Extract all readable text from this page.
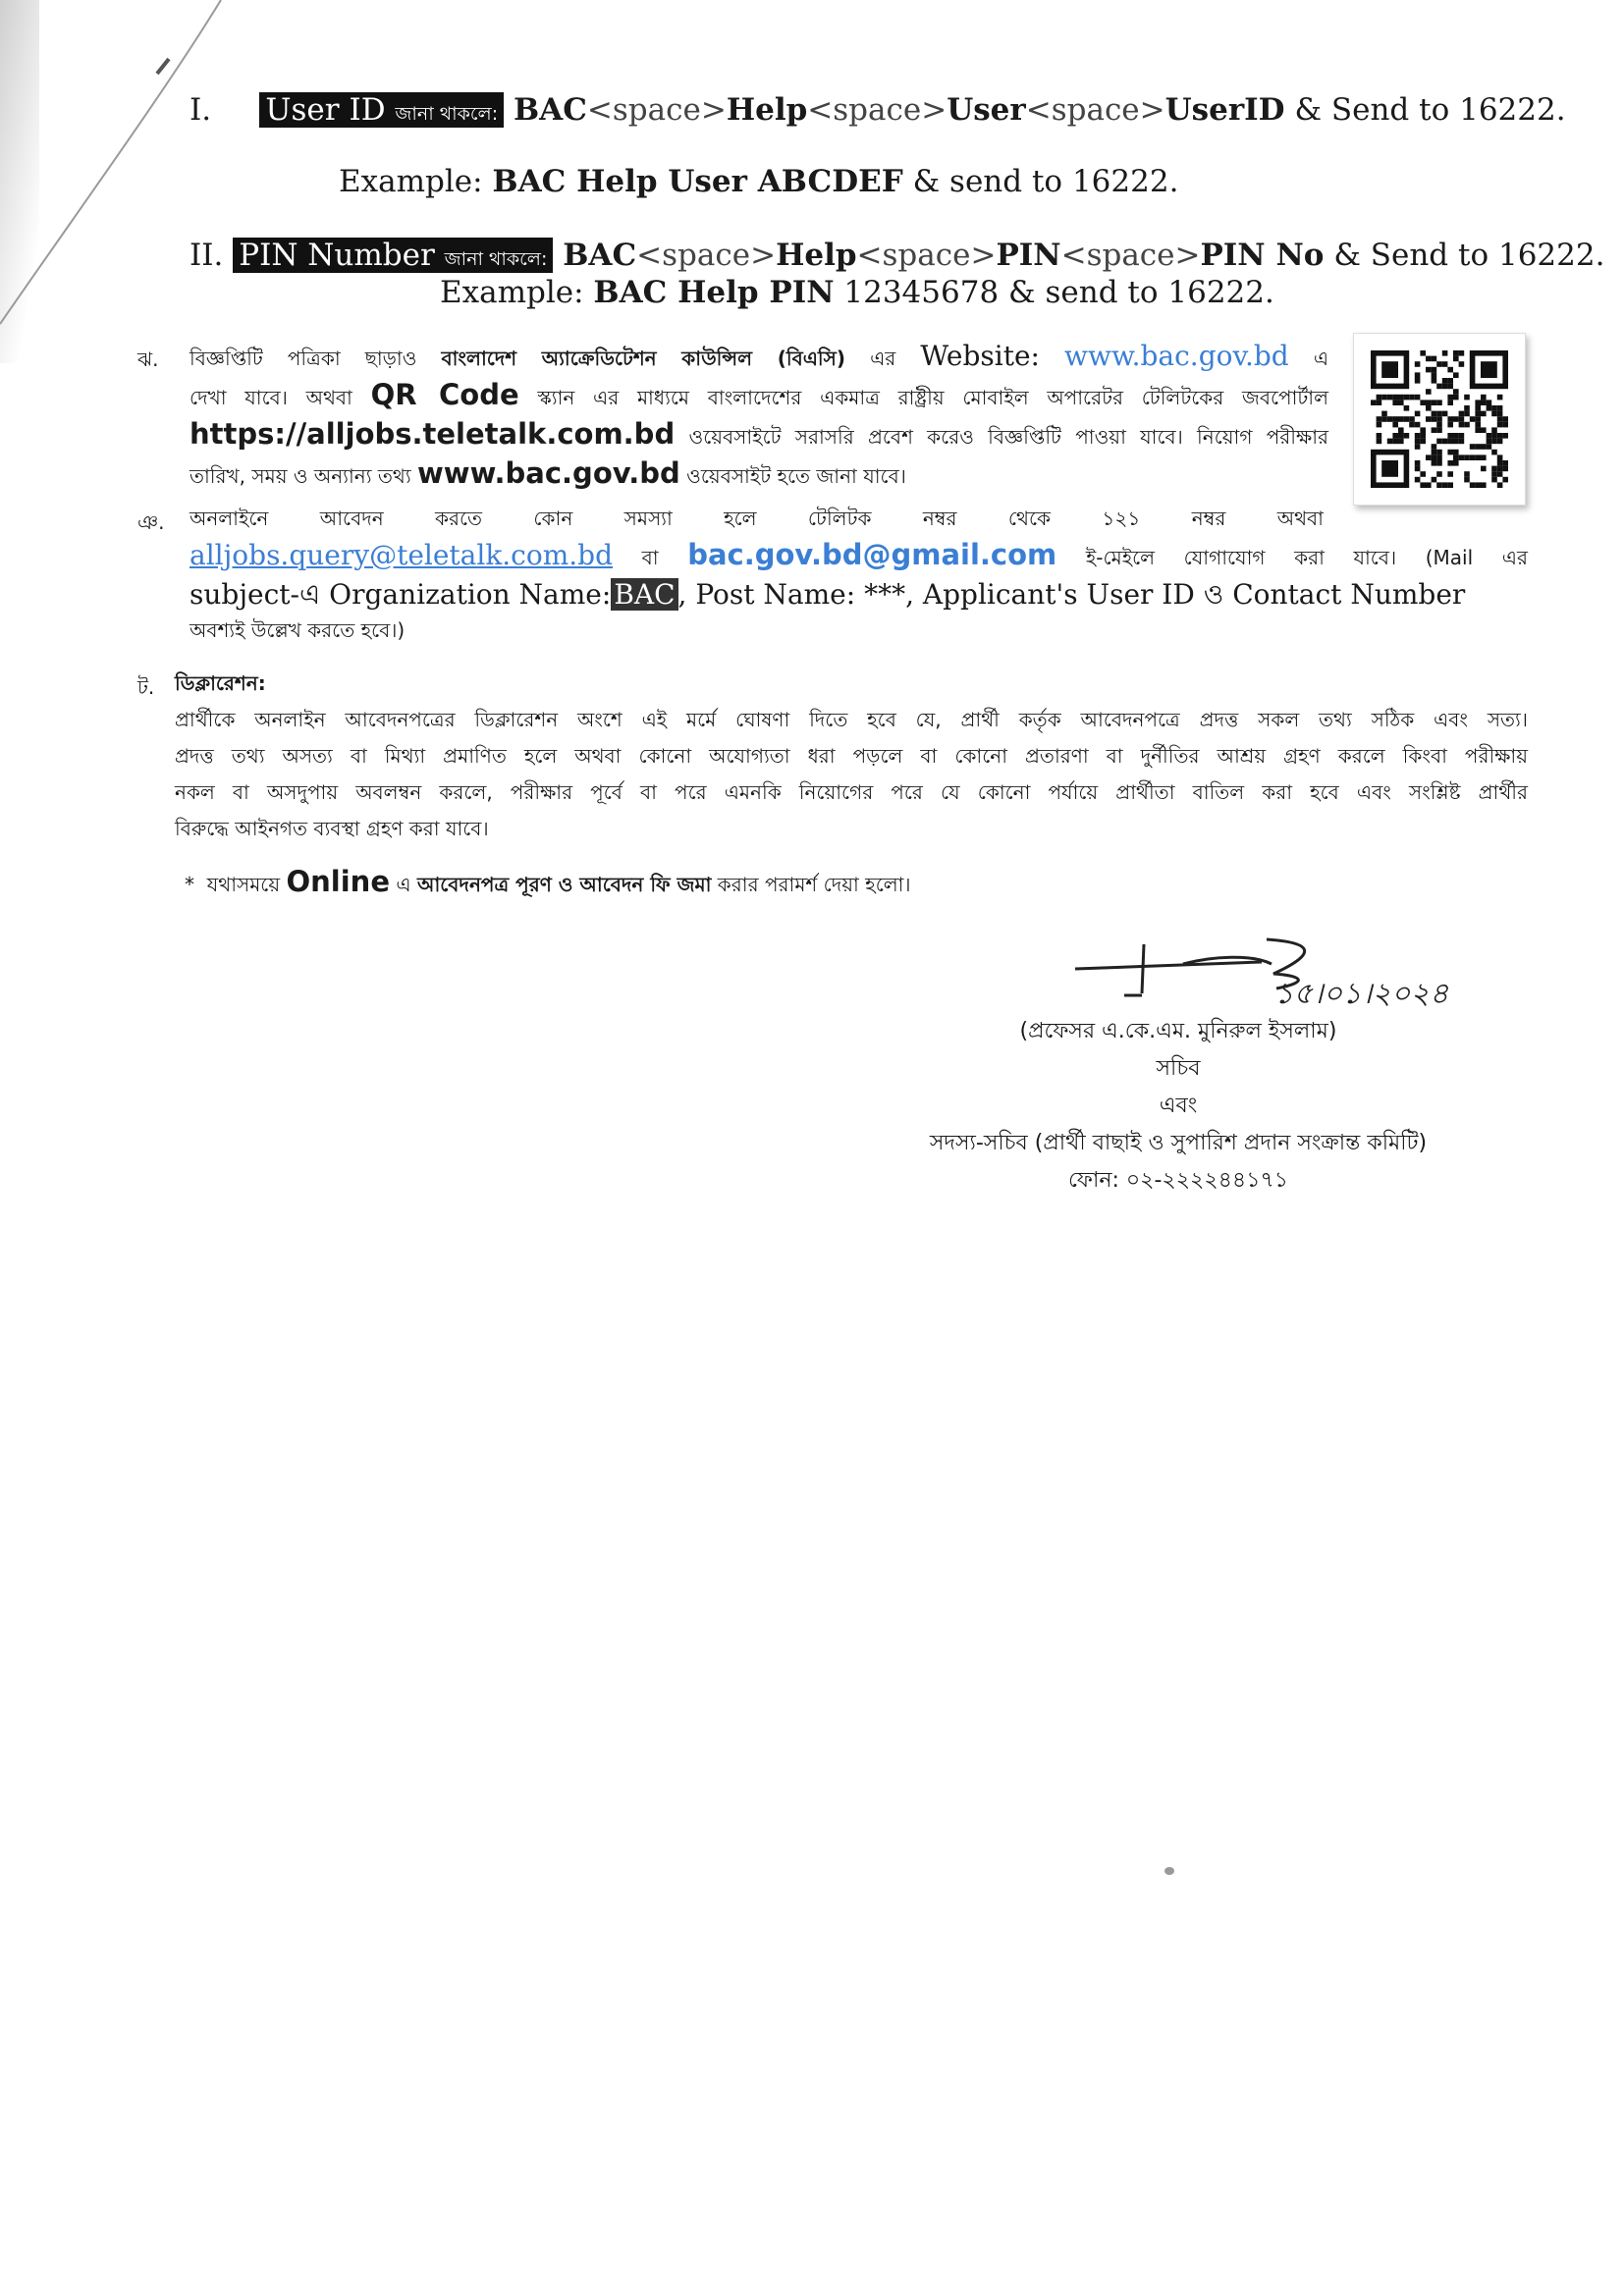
I. User ID জানা থাকলে: BAC<space>Help<space>User<space>UserID & Send to 16222.
Example: BAC Help User ABCDEF & send to 16222.
II. PIN Number জানা থাকলে: BAC<space>Help<space>PIN<space>PIN No & Send to 16222.
Example: BAC Help PIN 12345678 & send to 16222.
ঝ. বিজ্ঞপ্তিটি পত্রিকা ছাড়াও বাংলাদেশ অ্যাক্রেডিটেশন কাউন্সিল (বিএসি) এর Website: www.bac.gov.bd এ
দেখা যাবে। অথবা QR Code স্ক্যান এর মাধ্যমে বাংলাদেশের একমাত্র রাষ্ট্রীয় মোবাইল অপারেটর টেলিটকের জবপোর্টাল
https://alljobs.teletalk.com.bd ওয়েবসাইটে সরাসরি প্রবেশ করেও বিজ্ঞপ্তিটি পাওয়া যাবে। নিয়োগ পরীক্ষার
তারিখ, সময় ও অন্যান্য তথ্য www.bac.gov.bd ওয়েবসাইট হতে জানা যাবে।
ঞ. অনলাইনে আবেদন করতে কোন সমস্যা হলে টেলিটক নম্বর থেকে ১২১ নম্বর অথবা
alljobs.query@teletalk.com.bd বা bac.gov.bd@gmail.com ই-মেইলে যোগাযোগ করা যাবে। (Mail এর
subject-এ Organization Name: BAC , Post Name: ***, Applicant's User ID ও Contact Number
অবশ্যই উল্লেখ করতে হবে।)
ট. ডিক্লারেশন:
প্রার্থীকে অনলাইন আবেদনপত্রের ডিক্লারেশন অংশে এই মর্মে ঘোষণা দিতে হবে যে, প্রার্থী কর্তৃক আবেদনপত্রে প্রদত্ত সকল তথ্য সঠিক এবং সত্য।
প্রদত্ত তথ্য অসত্য বা মিথ্যা প্রমাণিত হলে অথবা কোনো অযোগ্যতা ধরা পড়লে বা কোনো প্রতারণা বা দুর্নীতির আশ্রয় গ্রহণ করলে কিংবা পরীক্ষায়
নকল বা অসদুপায় অবলম্বন করলে, পরীক্ষার পূর্বে বা পরে এমনকি নিয়োগের পরে যে কোনো পর্যায়ে প্রার্থীতা বাতিল করা হবে এবং সংশ্লিষ্ট প্রার্থীর
বিরুদ্ধে আইনগত ব্যবস্থা গ্রহণ করা যাবে।
* যথাসময়ে Online এ আবেদনপত্র পূরণ ও আবেদন ফি জমা করার পরামর্শ দেয়া হলো।
১৫।০১।২০২৪
(প্রফেসর এ.কে.এম. মুনিরুল ইসলাম)
সচিব
এবং
সদস্য-সচিব (প্রার্থী বাছাই ও সুপারিশ প্রদান সংক্রান্ত কমিটি)
ফোন: ০২-২২২২৪৪১৭১
